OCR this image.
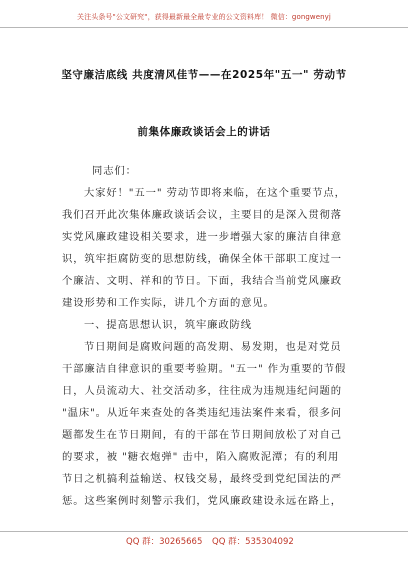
关注头条号"公文研究"，获得最新最全最专业的公文资料库！ 微信：gongwenyj
坚守廉洁底线 共度清风佳节——在2025年"五一" 劳动节
前集体廉政谈话会上的讲话
同志们：
大家好！"五一" 劳动节即将来临，在这个重要节点，
我们召开此次集体廉政谈话会议，主要目的是深入贯彻落
实党风廉政建设相关要求，进一步增强大家的廉洁自律意
识，筑牢拒腐防变的思想防线，确保全体干部职工度过一
个廉洁、文明、祥和的节日。下面，我结合当前党风廉政
建设形势和工作实际，讲几个方面的意见。
一、提高思想认识，筑牢廉政防线
节日期间是腐败问题的高发期、易发期，也是对党员
干部廉洁自律意识的重要考验期。"五一" 作为重要的节假
日，人员流动大、社交活动多，往往成为违规违纪问题的
"温床"。从近年来查处的各类违纪违法案件来看，很多问
题都发生在节日期间，有的干部在节日期间放松了对自己
的要求，被 "糖衣炮弹" 击中，陷入腐败泥潭；有的利用
节日之机搞利益输送、权钱交易，最终受到党纪国法的严
惩。这些案例时刻警示我们，党风廉政建设永远在路上，
QQ 群：30265665 QQ 群：535304092
